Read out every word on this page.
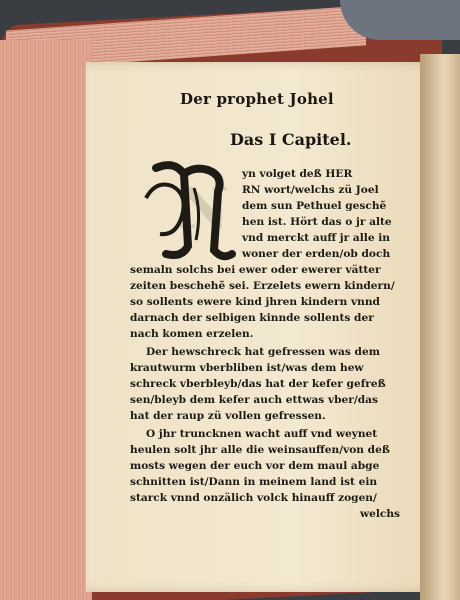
Der prophet Johel
Das I Capitel.
N
yn volget deß HER
RN wort/welchs zü Joel
dem sun Pethuel geschẽ
hen ist. Hört das o jr alte
vnd merckt auff jr alle in
woner der erden/ob doch
semaln solchs bei ewer oder ewerer vätter
zeiten beschehẽ sei. Erzelets ewern kindern/
so sollents ewere kind jhren kindern vnnd
darnach der selbigen kinnde sollents der
nach komen erzelen.
Der hewschreck hat gefressen was dem
krautwurm vberbliben ist/was dem hew
schreck vberbleyb/das hat der kefer gefreß
sen/bleyb dem kefer auch ettwas vber/das
hat der raup zü vollen gefressen.
O jhr truncknen wacht auff vnd weynet
heulen solt jhr alle die weinsauffen/von deß
mosts wegen der euch vor dem maul abge
schnitten ist/Dann in meinem land ist ein
starck vnnd onzälich volck hinauff zogen/
welchs
